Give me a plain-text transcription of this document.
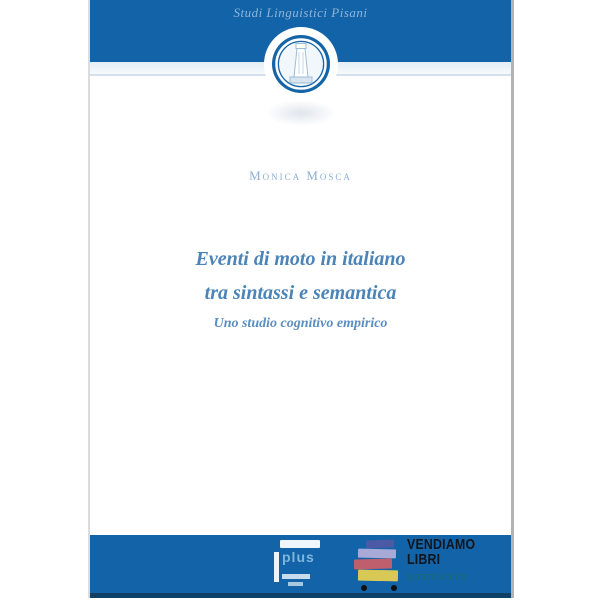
Studi Linguistici Pisani
Monica Mosca
Eventi di moto in italiano
tra sintassi e semantica
Uno studio cognitivo empirico
plus
VENDIAMO
LIBRI
DI TUTTI A TUTTI
